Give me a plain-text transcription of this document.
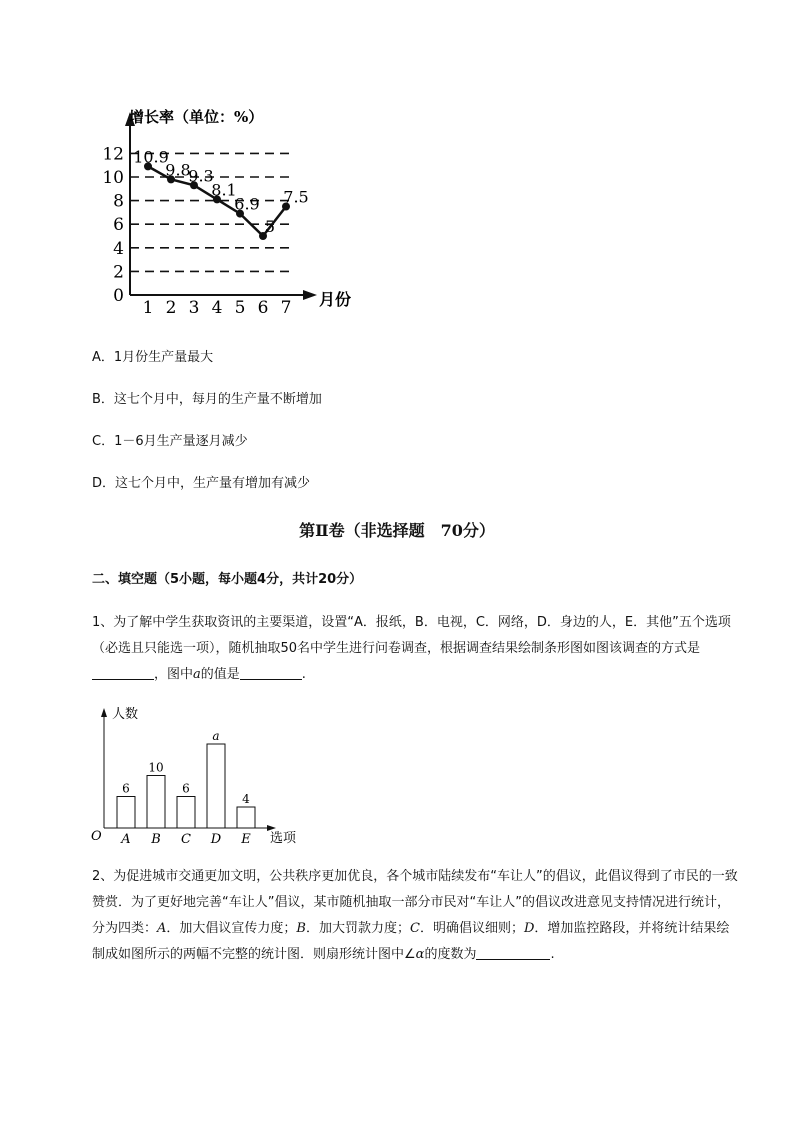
增长率（单位：%）
月份
0
2
4
6
8
10
12
1 2 3 4 5 6 7
10.9
9.8
9.3
8.1
6.9
5
7.5
A．1月份生产量最大
B．这七个月中，每月的生产量不断增加
C．1－6月生产量逐月减少
D．这七个月中，生产量有增加有减少
第Ⅱ卷（非选择题　70分）
二、填空题（5小题，每小题4分，共计20分）
1、为了解中学生获取资讯的主要渠道，设置“A．报纸，B．电视，C．网络，D．身边的人，E．其他”五个选项（必选且只能选一项），随机抽取50名中学生进行问卷调查，根据调查结果绘制条形图如图该调查的方式是，图中a的值是	.
人数
选项
O
6
10
6
a
4
A B C D E
2、为促进城市交通更加文明，公共秩序更加优良，各个城市陆续发布“车让人”的倡议，此倡议得到了市民的一致赞赏．为了更好地完善“车让人”倡议，某市随机抽取一部分市民对“车让人”的倡议改进意见支持情况进行统计，分为四类：A．加大倡议宣传力度；B．加大罚款力度；C．明确倡议细则；D．增加监控路段，并将统计结果绘制成如图所示的两幅不完整的统计图．则扇形统计图中∠α的度数为	.
